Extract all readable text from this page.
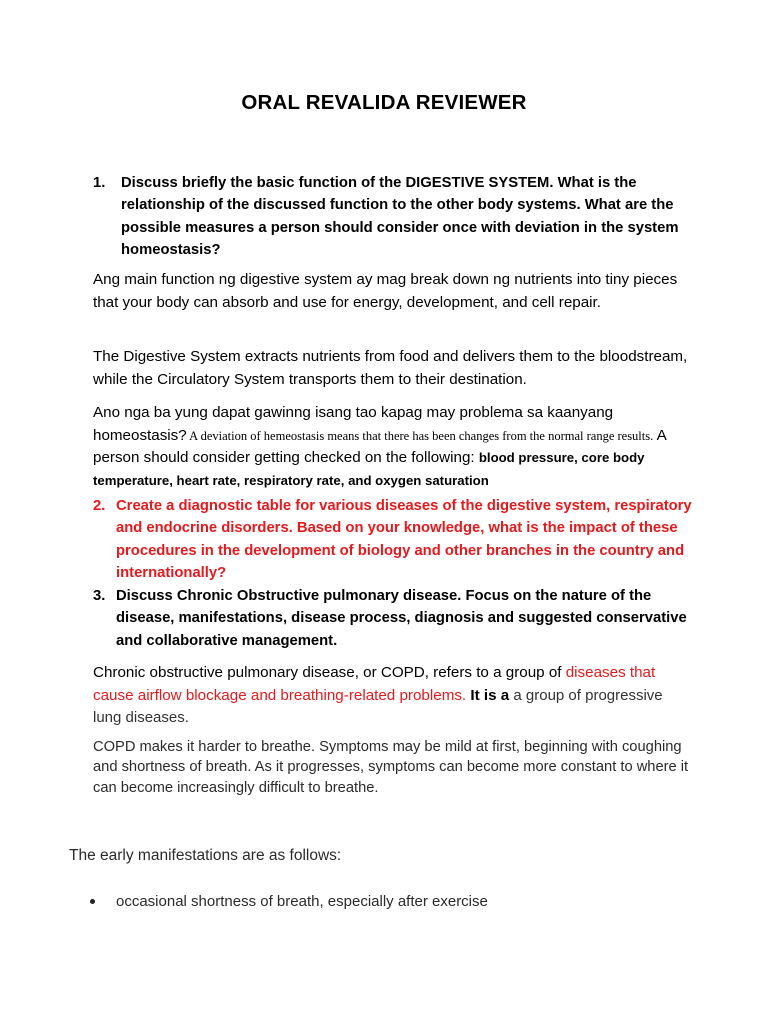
ORAL REVALIDA REVIEWER
1.	Discuss briefly the basic function of the DIGESTIVE SYSTEM. What is the relationship of the discussed function to the other body systems. What are the possible measures a person should consider once with deviation in the system homeostasis?
Ang main function ng digestive system ay mag break down ng nutrients into tiny pieces that your body can absorb and use for energy, development, and cell repair.
The Digestive System extracts nutrients from food and delivers them to the bloodstream, while the Circulatory System transports them to their destination.
Ano nga ba yung dapat gawinng isang tao kapag may problema sa kaanyang homeostasis? A deviation of hemeostasis means that there has been changes from the normal range results. A person should consider getting checked on the following: blood pressure, core body temperature, heart rate, respiratory rate, and oxygen saturation
2. Create a diagnostic table for various diseases of the digestive system, respiratory and endocrine disorders. Based on your knowledge, what is the impact of these procedures in the development of biology and other branches in the country and internationally?
3. Discuss Chronic Obstructive pulmonary disease. Focus on the nature of the disease, manifestations, disease process, diagnosis and suggested conservative and collaborative management.
Chronic obstructive pulmonary disease, or COPD, refers to a group of diseases that cause airflow blockage and breathing-related problems. It is a a group of progressive lung diseases.
COPD makes it harder to breathe. Symptoms may be mild at first, beginning with coughing and shortness of breath. As it progresses, symptoms can become more constant to where it can become increasingly difficult to breathe.
The early manifestations are as follows:
occasional shortness of breath, especially after exercise
